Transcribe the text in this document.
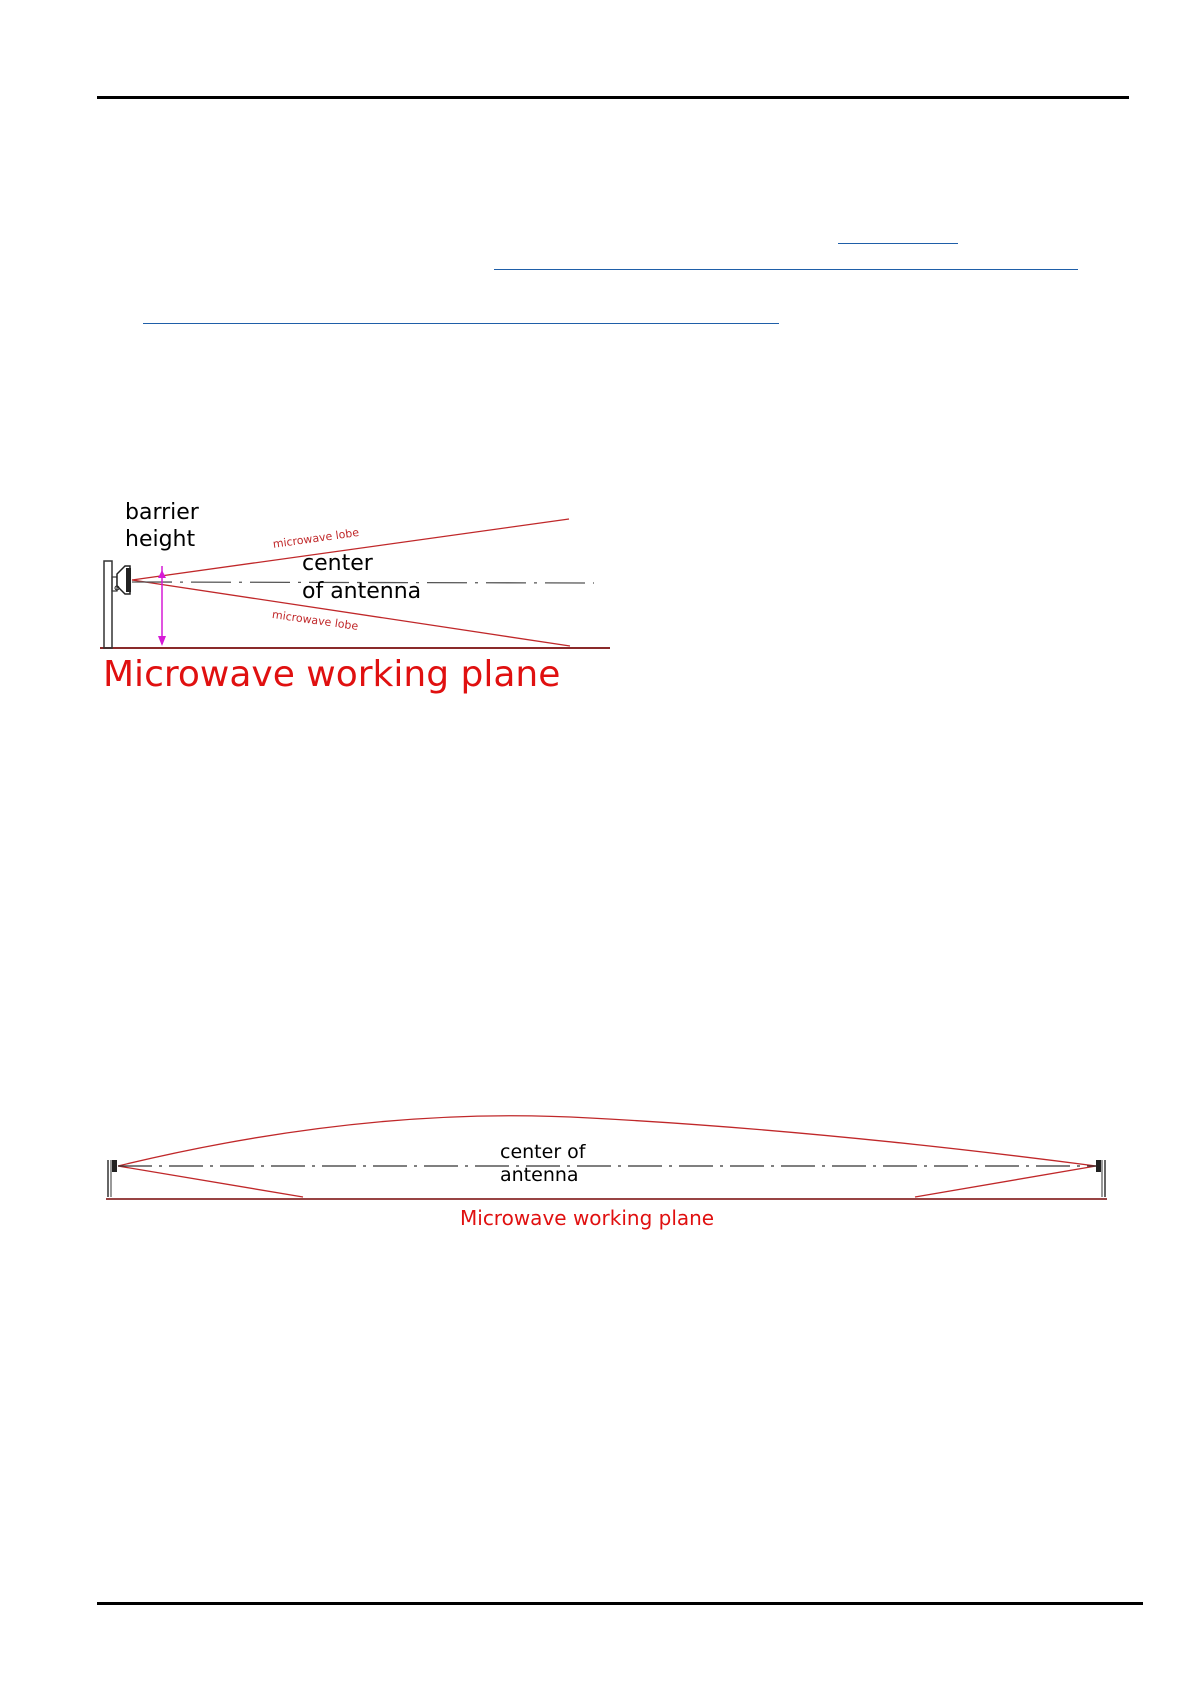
barrier
height	microwave lobe
center
of antenna
microwave lobe
Microwave working plane
center of
antenna
Microwave working plane
